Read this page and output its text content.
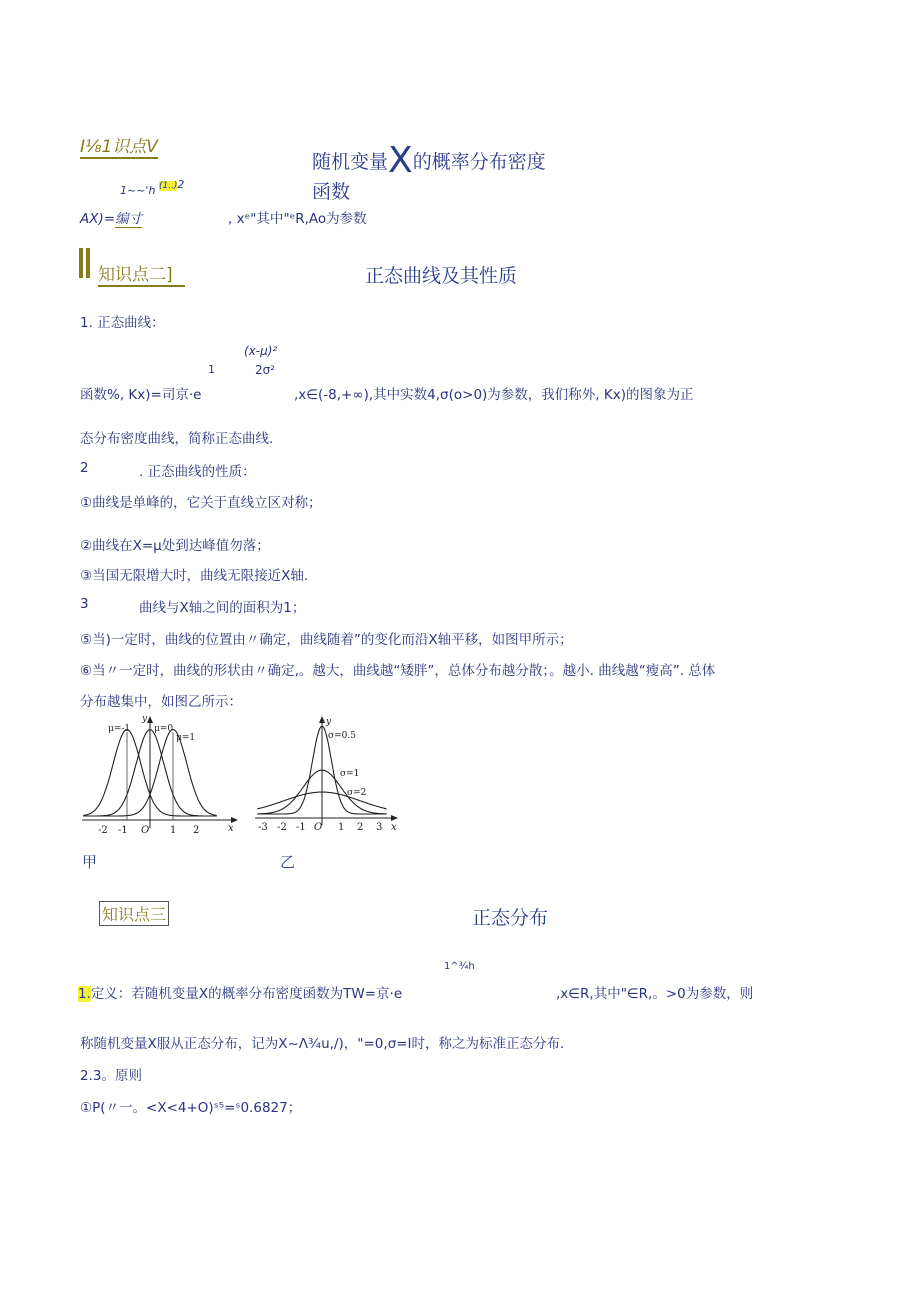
I⅛1识点V
随机变量X的概率分布密度
1~~'h $^{(1..)}$2	函数
AX)=编寸	, xᵉ"其中"ᵉR,Ao为参数
知识点二]	正态曲线及其性质
1. 正态曲线：
(x-μ)²
1	2σ²
函数%, Kx)=司京·e	,x∈(-8,+∞),其中实数4,σ(o>0)为参数，我们称外, Kx)的图象为正
态分布密度曲线，简称正态曲线.
2	. 正态曲线的性质：
①曲线是单峰的，它关于直线立区对称；
②曲线在X=μ处到达峰值勿落；
③当国无限增大时，曲线无限接近X轴.
3	曲线与X轴之间的面积为1；
⑤当)一定时，曲线的位置由〃确定，曲线随着”的变化而沿X轴平移，如图甲所示；
⑥当〃一定时，曲线的形状由〃确定,。越大，曲线越“矮胖”，总体分布越分散；。越小. 曲线越“瘦高”. 总体
分布越集中，如图乙所示：
μ=-1	μ=0
μ=1
y
x
-2 -1 O 1 2
甲
σ=0.5
σ=1
σ=2
y
x
-3 -2 -1 O 1 2 3
乙
知识点三	正态分布
1^¾h
1.定义：若随机变量X的概率分布密度函数为TW=京·e	,x∈R,其中"∈R,。>0为参数，则
称随机变量X服从正态分布，记为X~Λ¾u,/)，"=0,σ=I时，称之为标准正态分布.
2.3。原则
①P(〃一。<X<4+O)ˢ⁵=ˢ0.6827；
